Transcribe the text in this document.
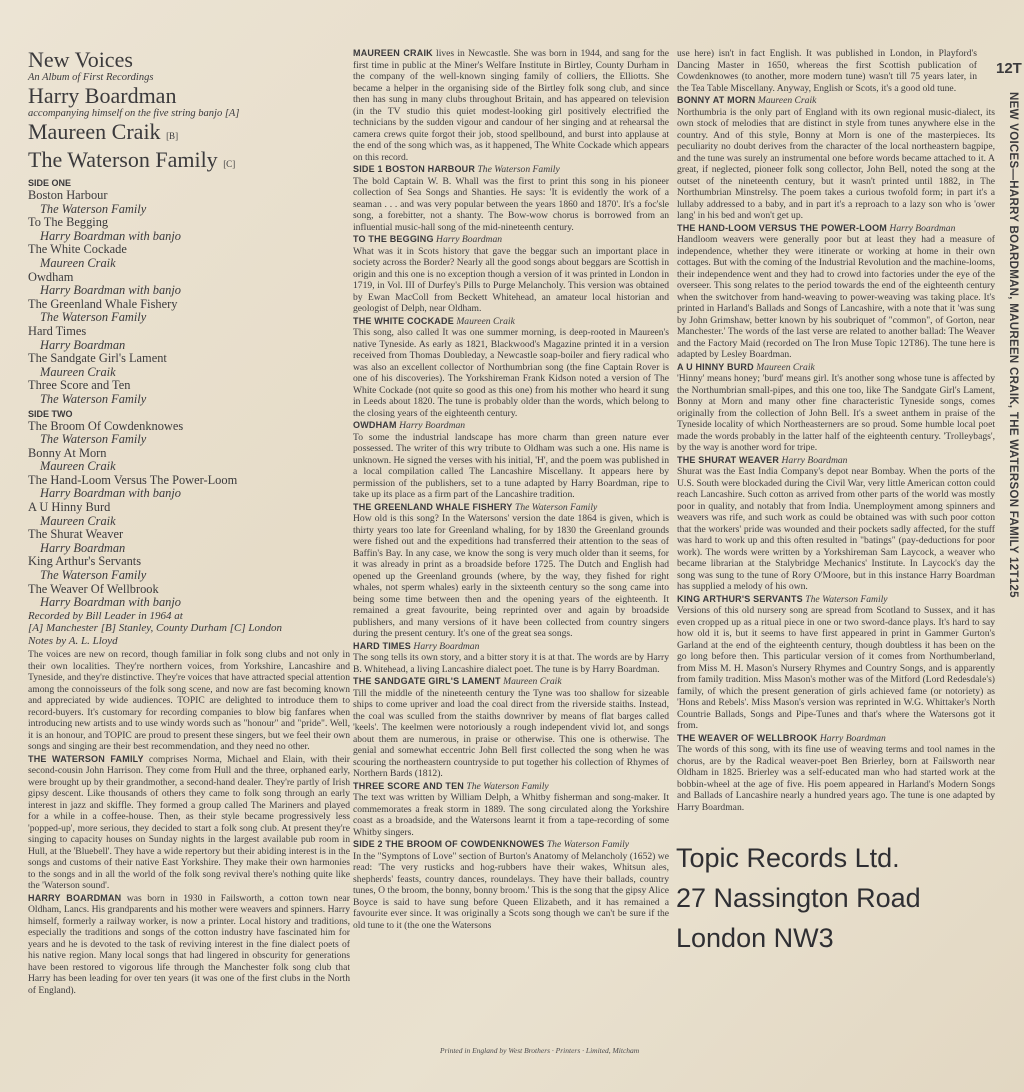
New Voices
An Album of First Recordings
Harry Boardman
accompanying himself on the five string banjo [A]
Maureen Craik [B]
The Waterson Family [C]
SIDE ONE
Boston Harbour
The Waterson Family
To The Begging
Harry Boardman with banjo
The White Cockade
Maureen Craik
Owdham
Harry Boardman with banjo
The Greenland Whale Fishery
The Waterson Family
Hard Times
Harry Boardman
The Sandgate Girl's Lament
Maureen Craik
Three Score and Ten
The Waterson Family
SIDE TWO
The Broom Of Cowdenknowes
The Waterson Family
Bonny At Morn
Maureen Craik
The Hand-Loom Versus The Power-Loom
Harry Boardman with banjo
A U Hinny Burd
Maureen Craik
The Shurat Weaver
Harry Boardman
King Arthur's Servants
The Waterson Family
The Weaver Of Wellbrook
Harry Boardman with banjo
Recorded by Bill Leader in 1964 at
[A] Manchester [B] Stanley, County Durham [C] London
Notes by A. L. Lloyd

The voices are new on record, though familiar in folk song clubs and not only in their own localities. They're northern voices, from Yorkshire, Lancashire and Tyneside, and they're distinctive. They're voices that have attracted special attention among the connoisseurs of the folk song scene, and now are fast becoming known and appreciated by wide audiences. TOPIC are delighted to introduce them to record-buyers. It's customary for recording companies to blow big fanfares when introducing new artists and to use windy words such as "honour" and "pride". Well, it is an honour, and TOPIC are proud to present these singers, but we feel their own songs and singing are their best recommendation, and they need no other.

THE WATERSON FAMILY comprises Norma, Michael and Elain, with their second-cousin John Harrison. They come from Hull and the three, orphaned early, were brought up by their grandmother, a second-hand dealer. They're partly of Irish gipsy descent. Like thousands of others they came to folk song through an early interest in jazz and skiffle. They formed a group called The Mariners and played for a while in a coffee-house. Then, as their style became progressively less 'popped-up', more serious, they decided to start a folk song club. At present they're singing to capacity houses on Sunday nights in the largest available pub room in Hull, at the 'Bluebell'. They have a wide repertory but their abiding interest is in the songs and customs of their native East Yorkshire. They make their own harmonies to the songs and in all the world of the folk song revival there's nothing quite like the 'Waterson sound'.

HARRY BOARDMAN was born in 1930 in Failsworth, a cotton town near Oldham, Lancs. His grandparents and his mother were weavers and spinners. Harry himself, formerly a railway worker, is now a printer. Local history and traditions, especially the traditions and songs of the cotton industry have fascinated him for years and he is devoted to the task of reviving interest in the fine dialect poets of his native region. Many local songs that had lingered in obscurity for generations have been restored to vigorous life through the Manchester folk song club that Harry has been leading for over ten years (it was one of the first clubs in the North of England).

MAUREEN CRAIK lives in Newcastle. She was born in 1944, and sang for the first time in public at the Miner's Welfare Institute in Birtley, County Durham in the company of the well-known singing family of colliers, the Elliotts. She became a helper in the organising side of the Birtley folk song club, and since then has sung in many clubs throughout Britain, and has appeared on television (in the TV studio this quiet modest-looking girl positively electrified the technicians by the sudden vigour and candour of her singing and at rehearsal the camera crews quite forgot their job, stood spellbound, and burst into applause at the end of the song which was, as it happened, The White Cockade which appears on this record.

SIDE 1 BOSTON HARBOUR The Waterson Family
The bold Captain W. B. Whall was the first to print this song in his pioneer collection of Sea Songs and Shanties. He says: 'It is evidently the work of a seaman . . . and was very popular between the years 1860 and 1870'. It's a foc'sle song, a forebitter, not a shanty. The Bow-wow chorus is borrowed from an influential music-hall song of the mid-nineteenth century.

TO THE BEGGING Harry Boardman
What was it in Scots history that gave the beggar such an important place in society across the Border? Nearly all the good songs about beggars are Scottish in origin and this one is no exception though a version of it was printed in London in 1719, in Vol. III of Durfey's Pills to Purge Melancholy. This version was obtained by Ewan MacColl from Beckett Whitehead, an amateur local historian and geologist of Delph, near Oldham.

THE WHITE COCKADE Maureen Craik
This song, also called It was one summer morning, is deep-rooted in Maureen's native Tyneside. As early as 1821, Blackwood's Magazine printed it in a version received from Thomas Doubleday, a Newcastle soap-boiler and fiery radical who was also an excellent collector of Northumbrian song (the fine Captain Rover is one of his discoveries). The Yorkshireman Frank Kidson noted a version of The White Cockade (not quite so good as this one) from his mother who heard it sung in Leeds about 1820. The tune is probably older than the words, which belong to the closing years of the eighteenth century.

OWDHAM Harry Boardman
To some the industrial landscape has more charm than green nature ever possessed. The writer of this wry tribute to Oldham was such a one. His name is unknown. He signed the verses with his initial, 'H', and the poem was published in a local compilation called The Lancashire Miscellany. It appears here by permission of the publishers, set to a tune adapted by Harry Boardman, ripe to take up its place as a firm part of the Lancashire tradition.

THE GREENLAND WHALE FISHERY The Waterson Family
How old is this song? In the Watersons' version the date 1864 is given, which is thirty years too late for Greenland whaling, for by 1830 the Greenland grounds were fished out and the expeditions had transferred their attention to the seas of Baffin's Bay. In any case, we know the song is very much older than it seems, for it was already in print as a broadside before 1725. The Dutch and English had opened up the Greenland grounds (where, by the way, they fished for right whales, not sperm whales) early in the sixteenth century so the song came into being some time between then and the opening years of the eighteenth. It remained a great favourite, being reprinted over and again by broadside publishers, and many versions of it have been collected from country singers during the present century. It's one of the great sea songs.

HARD TIMES Harry Boardman
The song tells its own story, and a bitter story it is at that. The words are by Harry B. Whitehead, a living Lancashire dialect poet. The tune is by Harry Boardman.

THE SANDGATE GIRL'S LAMENT Maureen Craik
Till the middle of the nineteenth century the Tyne was too shallow for sizeable ships to come upriver and load the coal direct from the riverside staiths. Instead, the coal was sculled from the staiths downriver by means of flat barges called 'keels'. The keelmen were notoriously a rough independent vivid lot, and songs about them are numerous, in praise or otherwise. This one is otherwise. The genial and somewhat eccentric John Bell first collected the song when he was scouring the northeastern countryside to put together his collection of Rhymes of Northern Bards (1812).

THREE SCORE AND TEN The Waterson Family
The text was written by William Delph, a Whitby fisherman and song-maker. It commemorates a freak storm in 1889. The song circulated along the Yorkshire coast as a broadside, and the Watersons learnt it from a tape-recording of some Whitby singers.

SIDE 2 THE BROOM OF COWDENKNOWES The Waterson Family
In the "Symptons of Love" section of Burton's Anatomy of Melancholy (1652) we read: 'The very rusticks and hog-rubbers have their wakes, Whitsun ales, shepherds' feasts, country dances, roundelays. They have their ballads, country tunes, O the broom, the bonny, bonny broom.' This is the song that the gipsy Alice Boyce is said to have sung before Queen Elizabeth, and it has remained a favourite ever since. It was originally a Scots song though we can't be sure if the old tune to it (the one the Watersons

use here) isn't in fact English. It was published in London, in Playford's Dancing Master in 1650, whereas the first Scottish publication of Cowdenknowes (to another, more modern tune) wasn't till 75 years later, in the Tea Table Miscellany. Anyway, English or Scots, it's a good old tune.

BONNY AT MORN Maureen Craik
Northumbria is the only part of England with its own regional music-dialect, its own stock of melodies that are distinct in style from tunes anywhere else in the country. And of this style, Bonny at Morn is one of the masterpieces. Its peculiarity no doubt derives from the character of the local northeastern bagpipe, and the tune was surely an instrumental one before words became attached to it. A great, if neglected, pioneer folk song collector, John Bell, noted the song at the outset of the nineteenth century, but it wasn't printed until 1882, in The Northumbrian Minstrelsy. The poem takes a curious twofold form; in part it's a lullaby addressed to a baby, and in part it's a reproach to a lazy son who is 'ower lang' in his bed and won't get up.

THE HAND-LOOM VERSUS THE POWER-LOOM Harry Boardman
Handloom weavers were generally poor but at least they had a measure of independence, whether they were itinerate or working at home in their own cottages. But with the coming of the Industrial Revolution and the machine-looms, their independence went and they had to crowd into factories under the eye of the overseer. This song relates to the period towards the end of the eighteenth century when the switchover from hand-weaving to power-weaving was taking place. It's printed in Harland's Ballads and Songs of Lancashire, with a note that it 'was sung by John Grimshaw, better known by his soubriquet of "common", of Gorton, near Manchester.' The words of the last verse are related to another ballad: The Weaver and the Factory Maid (recorded on The Iron Muse Topic 12T86). The tune here is adapted by Lesley Boardman.

A U HINNY BURD Maureen Craik
'Hinny' means honey; 'burd' means girl. It's another song whose tune is affected by the Northumbrian small-pipes, and this one too, like The Sandgate Girl's Lament, Bonny at Morn and many other fine characteristic Tyneside songs, comes originally from the collection of John Bell. It's a sweet anthem in praise of the Tyneside locality of which Northeasterners are so proud. Some humble local poet made the words probably in the latter half of the eighteenth century. 'Trolleybags', by the way is another word for tripe.

THE SHURAT WEAVER Harry Boardman
Shurat was the East India Company's depot near Bombay. When the ports of the U.S. South were blockaded during the Civil War, very little American cotton could reach Lancashire. Such cotton as arrived from other parts of the world was mostly poor in quality, and notably that from India. Unemployment among spinners and weavers was rife, and such work as could be obtained was with such poor cotton that the workers' pride was wounded and their pockets sadly affected, for the stuff was hard to work up and this often resulted in "batings" (pay-deductions for poor work). The words were written by a Yorkshireman Sam Laycock, a weaver who became librarian at the Stalybridge Mechanics' Institute. In Laycock's day the song was sung to the tune of Rory O'Moore, but in this instance Harry Boardman has supplied a melody of his own.

KING ARTHUR'S SERVANTS The Waterson Family
Versions of this old nursery song are spread from Scotland to Sussex, and it has even cropped up as a ritual piece in one or two sword-dance plays. It's hard to say how old it is, but it seems to have first appeared in print in Gammer Gurton's Garland at the end of the eighteenth century, though doubtless it has been on the go long before then. This particular version of it comes from Northumberland, from Miss M. H. Mason's Nursery Rhymes and Country Songs, and is apparently from family tradition. Miss Mason's mother was of the Mitford (Lord Redesdale's) family, of which the present generation of girls achieved fame (or notoriety) as 'Hons and Rebels'. Miss Mason's version was reprinted in W.G. Whittaker's North Countrie Ballads, Songs and Pipe-Tunes and that's where the Watersons got it from.

THE WEAVER OF WELLBROOK Harry Boardman
The words of this song, with its fine use of weaving terms and tool names in the chorus, are by the Radical weaver-poet Ben Brierley, born at Failsworth near Oldham in 1825. Brierley was a self-educated man who had started work at the bobbin-wheel at the age of five. His poem appeared in Harland's Modern Songs and Ballads of Lancashire nearly a hundred years ago. The tune is one adapted by Harry Boardman.

12T
NEW VOICES—HARRY BOARDMAN, MAUREEN CRAIK, THE WATERSON FAMILY 12T125
Topic Records Ltd.
27 Nassington Road
London NW3
Printed in England by West Brothers · Printers · Limited, Mitcham
